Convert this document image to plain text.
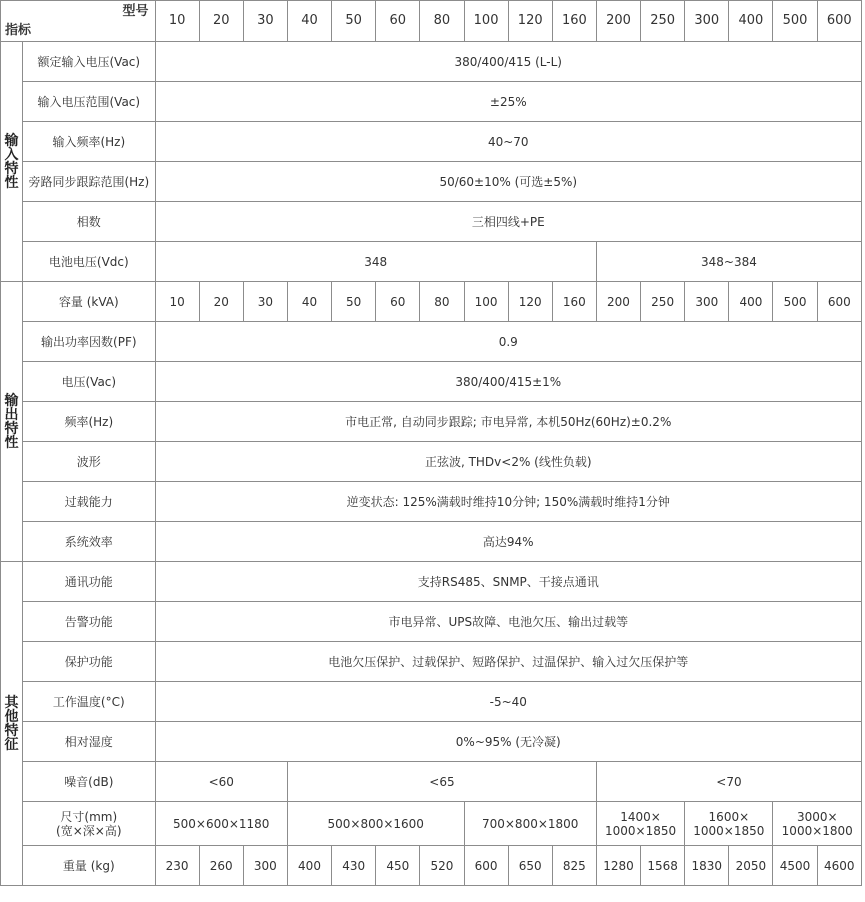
型号
指标		10	20	30	40	50	60	80	100	120	160	200	250	300	400	500	600
输
入
特
性	额定输入电压(Vac)	380/400/415 (L-L)															
	输入电压范围(Vac)	±25%															
	输入频率(Hz)	40~70															
	旁路同步跟踪范围(Hz)	50/60±10% (可选±5%)															
	相数	三相四线+PE															
	电池电压(Vdc)	348										348~384					
输
出
特
性	容量 (kVA)	10	20	30	40	50	60	80	100	120	160	200	250	300	400	500	600
	输出功率因数(PF)	0.9															
	电压(Vac)	380/400/415±1%															
	频率(Hz)	市电正常, 自动同步跟踪; 市电异常, 本机50Hz(60Hz)±0.2%															
	波形	正弦波, THDv<2% (线性负载)															
	过载能力	逆变状态: 125%满载时维持10分钟; 150%满载时维持1分钟															
	系统效率	高达94%															
其
他
特
征	通讯功能	支持RS485、SNMP、干接点通讯															
	告警功能	市电异常、UPS故障、电池欠压、输出过载等															
	保护功能	电池欠压保护、过载保护、短路保护、过温保护、输入过欠压保护等															
	工作温度(°C)	-5~40															
	相对湿度	0%~95% (无冷凝)															
	噪音(dB)	<60			<65							<70					
	尺寸(mm)
(宽×深×高)	500×600×1180			500×800×1600				700×800×1800			1400×
1000×1850		1600×
1000×1850		3000×
1000×1800	
	重量 (kg)	230	260	300	400	430	450	520	600	650	825	1280	1568	1830	2050	4500	4600
